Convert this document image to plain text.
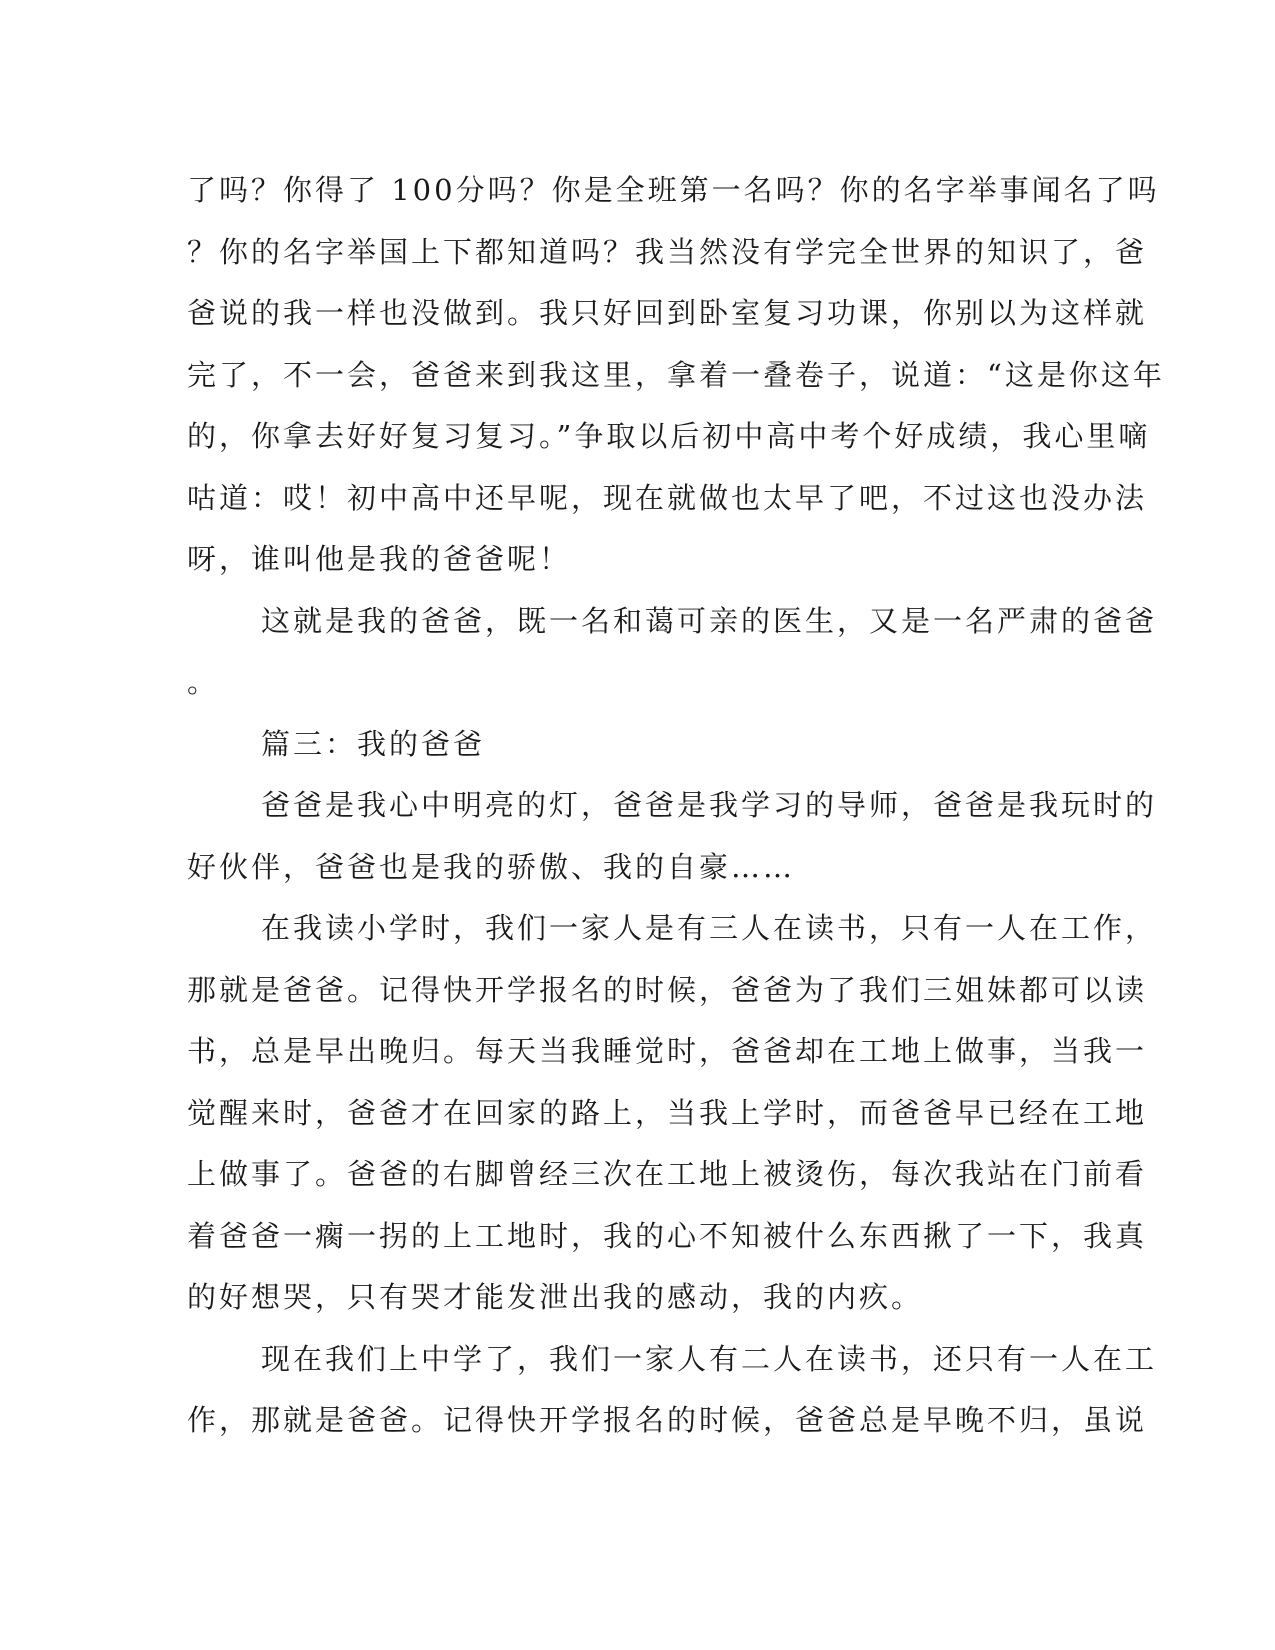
了吗？你得了 100分吗？你是全班第一名吗？你的名字举事闻名了吗
？你的名字举国上下都知道吗？我当然没有学完全世界的知识了，爸
爸说的我一样也没做到。我只好回到卧室复习功课，你别以为这样就
完了，不一会，爸爸来到我这里，拿着一叠卷子，说道：“这是你这年
的，你拿去好好复习复习。”争取以后初中高中考个好成绩，我心里嘀
咕道：哎！初中高中还早呢，现在就做也太早了吧，不过这也没办法
呀，谁叫他是我的爸爸呢！
这就是我的爸爸，既一名和蔼可亲的医生，又是一名严肃的爸爸
。
篇三：我的爸爸
爸爸是我心中明亮的灯，爸爸是我学习的导师，爸爸是我玩时的
好伙伴，爸爸也是我的骄傲、我的自豪……
在我读小学时，我们一家人是有三人在读书，只有一人在工作，
那就是爸爸。记得快开学报名的时候，爸爸为了我们三姐妹都可以读
书，总是早出晚归。每天当我睡觉时，爸爸却在工地上做事，当我一
觉醒来时，爸爸才在回家的路上，当我上学时，而爸爸早已经在工地
上做事了。爸爸的右脚曾经三次在工地上被烫伤，每次我站在门前看
着爸爸一瘸一拐的上工地时，我的心不知被什么东西揪了一下，我真
的好想哭，只有哭才能发泄出我的感动，我的内疚。
现在我们上中学了，我们一家人有二人在读书，还只有一人在工
作，那就是爸爸。记得快开学报名的时候，爸爸总是早晚不归，虽说
